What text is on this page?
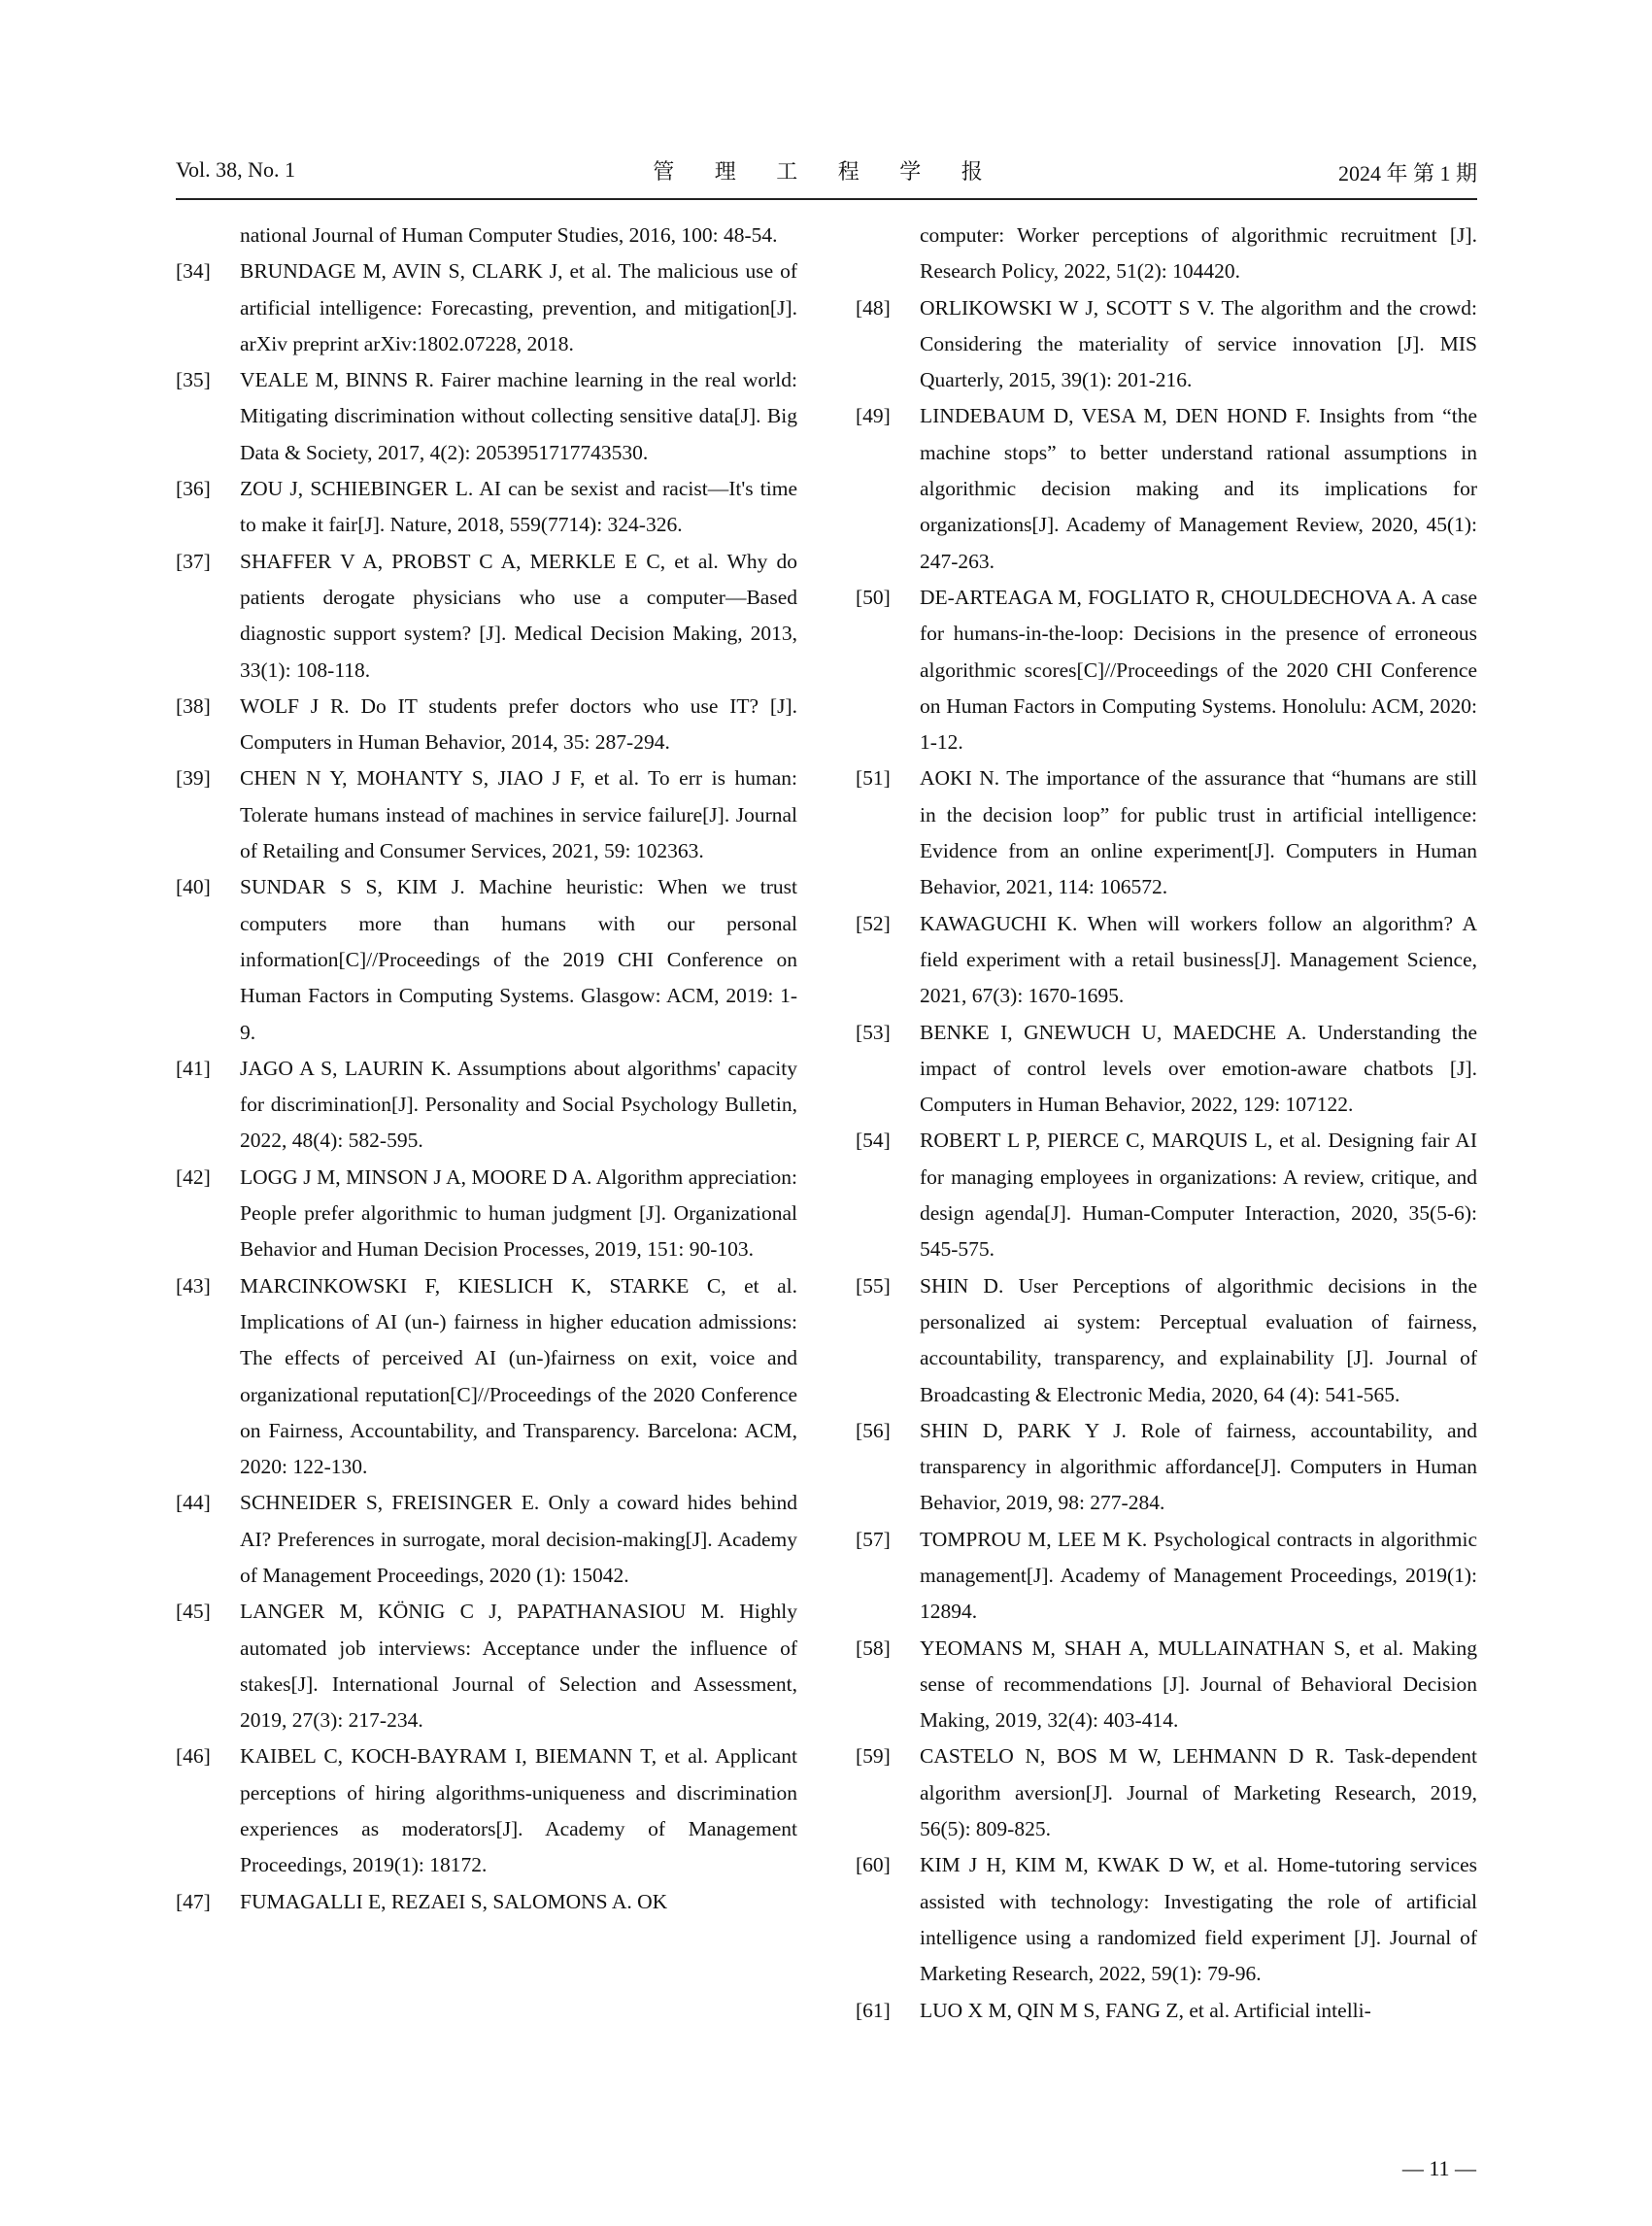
Vol. 38, No. 1	管 理 工 程 学 报	2024 年 第 1 期
national Journal of Human Computer Studies, 2016, 100: 48-54.
[34]	BRUNDAGE M, AVIN S, CLARK J, et al. The malicious use of artificial intelligence: Forecasting, prevention, and mitigation[J]. arXiv preprint arXiv:1802.07228, 2018.
[35]	VEALE M, BINNS R. Fairer machine learning in the real world: Mitigating discrimination without collecting sensitive data[J]. Big Data & Society, 2017, 4(2): 2053951717743530.
[36]	ZOU J, SCHIEBINGER L. AI can be sexist and racist—It's time to make it fair[J]. Nature, 2018, 559(7714): 324-326.
[37]	SHAFFER V A, PROBST C A, MERKLE E C, et al. Why do patients derogate physicians who use a computer—Based diagnostic support system? [J]. Medical Decision Making, 2013, 33(1): 108-118.
[38]	WOLF J R. Do IT students prefer doctors who use IT? [J]. Computers in Human Behavior, 2014, 35: 287-294.
[39]	CHEN N Y, MOHANTY S, JIAO J F, et al. To err is human: Tolerate humans instead of machines in service failure[J]. Journal of Retailing and Consumer Services, 2021, 59: 102363.
[40]	SUNDAR S S, KIM J. Machine heuristic: When we trust computers more than humans with our personal information[C]//Proceedings of the 2019 CHI Conference on Human Factors in Computing Systems. Glasgow: ACM, 2019: 1-9.
[41]	JAGO A S, LAURIN K. Assumptions about algorithms' capacity for discrimination[J]. Personality and Social Psychology Bulletin, 2022, 48(4): 582-595.
[42]	LOGG J M, MINSON J A, MOORE D A. Algorithm appreciation: People prefer algorithmic to human judgment [J]. Organizational Behavior and Human Decision Processes, 2019, 151: 90-103.
[43]	MARCINKOWSKI F, KIESLICH K, STARKE C, et al. Implications of AI (un-) fairness in higher education admissions: The effects of perceived AI (un-)fairness on exit, voice and organizational reputation[C]//Proceedings of the 2020 Conference on Fairness, Accountability, and Transparency. Barcelona: ACM, 2020: 122-130.
[44]	SCHNEIDER S, FREISINGER E. Only a coward hides behind AI? Preferences in surrogate, moral decision-making[J]. Academy of Management Proceedings, 2020 (1): 15042.
[45]	LANGER M, KÖNIG C J, PAPATHANASIOU M. Highly automated job interviews: Acceptance under the influence of stakes[J]. International Journal of Selection and Assessment, 2019, 27(3): 217-234.
[46]	KAIBEL C, KOCH-BAYRAM I, BIEMANN T, et al. Applicant perceptions of hiring algorithms-uniqueness and discrimination experiences as moderators[J]. Academy of Management Proceedings, 2019(1): 18172.
[47]	FUMAGALLI E, REZAEI S, SALOMONS A. OK
computer: Worker perceptions of algorithmic recruitment [J]. Research Policy, 2022, 51(2): 104420.
[48]	ORLIKOWSKI W J, SCOTT S V. The algorithm and the crowd: Considering the materiality of service innovation [J]. MIS Quarterly, 2015, 39(1): 201-216.
[49]	LINDEBAUM D, VESA M, DEN HOND F. Insights from “the machine stops” to better understand rational assumptions in algorithmic decision making and its implications for organizations[J]. Academy of Management Review, 2020, 45(1): 247-263.
[50]	DE-ARTEAGA M, FOGLIATO R, CHOULDECHOVA A. A case for humans-in-the-loop: Decisions in the presence of erroneous algorithmic scores[C]//Proceedings of the 2020 CHI Conference on Human Factors in Computing Systems. Honolulu: ACM, 2020: 1-12.
[51]	AOKI N. The importance of the assurance that “humans are still in the decision loop” for public trust in artificial intelligence: Evidence from an online experiment[J]. Computers in Human Behavior, 2021, 114: 106572.
[52]	KAWAGUCHI K. When will workers follow an algorithm? A field experiment with a retail business[J]. Management Science, 2021, 67(3): 1670-1695.
[53]	BENKE I, GNEWUCH U, MAEDCHE A. Understanding the impact of control levels over emotion-aware chatbots [J]. Computers in Human Behavior, 2022, 129: 107122.
[54]	ROBERT L P, PIERCE C, MARQUIS L, et al. Designing fair AI for managing employees in organizations: A review, critique, and design agenda[J]. Human-Computer Interaction, 2020, 35(5-6): 545-575.
[55]	SHIN D. User Perceptions of algorithmic decisions in the personalized ai system: Perceptual evaluation of fairness, accountability, transparency, and explainability [J]. Journal of Broadcasting & Electronic Media, 2020, 64 (4): 541-565.
[56]	SHIN D, PARK Y J. Role of fairness, accountability, and transparency in algorithmic affordance[J]. Computers in Human Behavior, 2019, 98: 277-284.
[57]	TOMPROU M, LEE M K. Psychological contracts in algorithmic management[J]. Academy of Management Proceedings, 2019(1): 12894.
[58]	YEOMANS M, SHAH A, MULLAINATHAN S, et al. Making sense of recommendations [J]. Journal of Behavioral Decision Making, 2019, 32(4): 403-414.
[59]	CASTELO N, BOS M W, LEHMANN D R. Task-dependent algorithm aversion[J]. Journal of Marketing Research, 2019, 56(5): 809-825.
[60]	KIM J H, KIM M, KWAK D W, et al. Home-tutoring services assisted with technology: Investigating the role of artificial intelligence using a randomized field experiment [J]. Journal of Marketing Research, 2022, 59(1): 79-96.
[61]	LUO X M, QIN M S, FANG Z, et al. Artificial intelli-
— 11 —
